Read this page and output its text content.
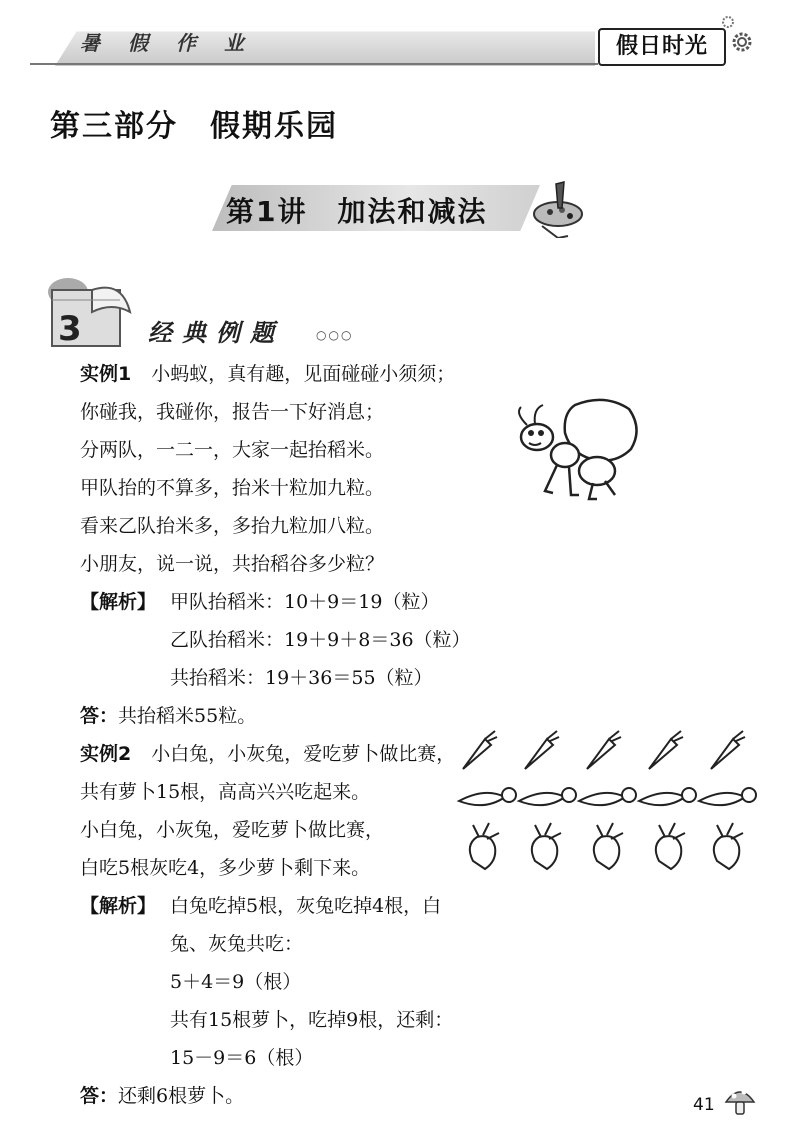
暑假作业	假日时光
第三部分　假期乐园
第1讲　加法和减法
3	经典例题	○○○
实例1 小蚂蚁，真有趣，见面碰碰小须须；
你碰我，我碰你，报告一下好消息；
分两队，一二一，大家一起抬稻米。
甲队抬的不算多，抬米十粒加九粒。
看来乙队抬米多，多抬九粒加八粒。
小朋友，说一说，共抬稻谷多少粒？
【解析】 甲队抬稻米：10＋9＝19（粒）
乙队抬稻米：19＋9＋8＝36（粒）
共抬稻米：19＋36＝55（粒）
答：共抬稻米55粒。
实例2 小白兔，小灰兔，爱吃萝卜做比赛，
共有萝卜15根，高高兴兴吃起来。
小白兔，小灰兔，爱吃萝卜做比赛，
白吃5根灰吃4，多少萝卜剩下来。
【解析】 白兔吃掉5根，灰兔吃掉4根，白
兔、灰兔共吃：
5＋4＝9（根）
共有15根萝卜，吃掉9根，还剩：
15－9＝6（根）
答：还剩6根萝卜。	41
